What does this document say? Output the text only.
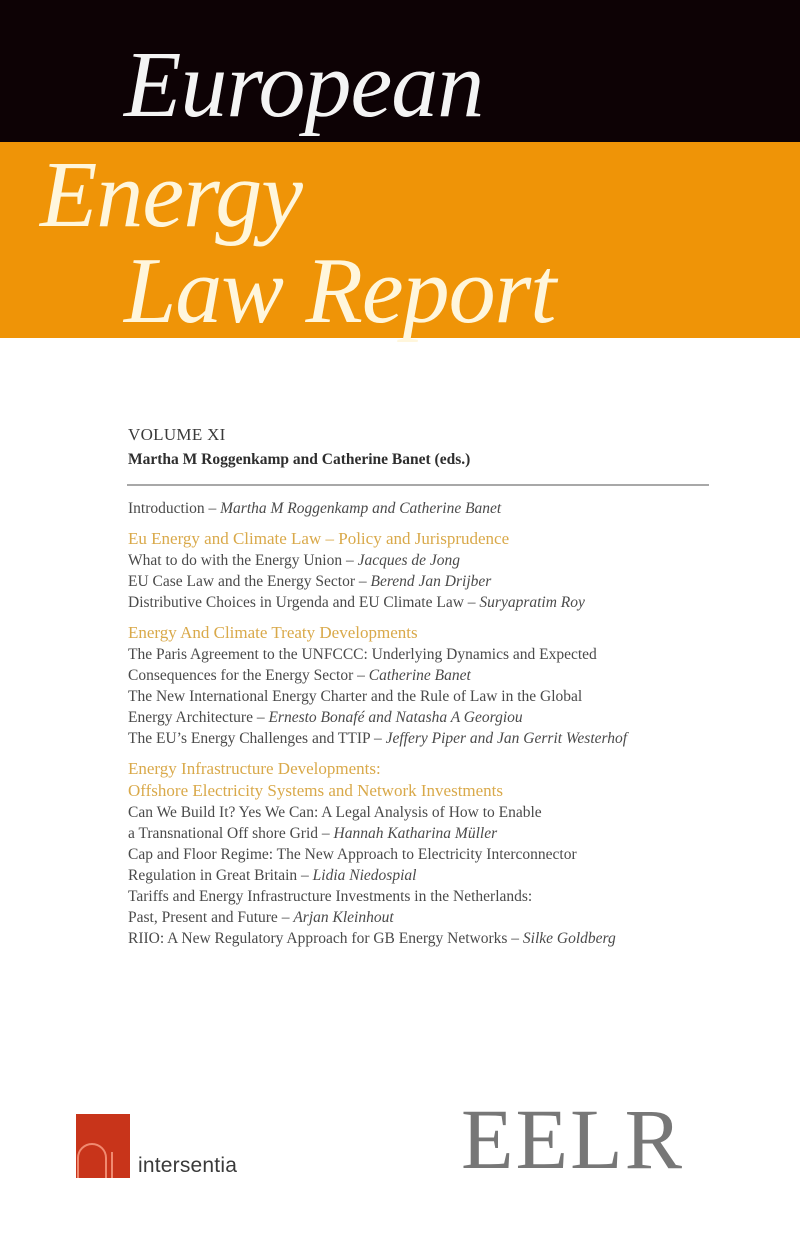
European
Energy
Law Report
VOLUME XI
Martha M Roggenkamp and Catherine Banet (eds.)
Introduction – Martha M Roggenkamp and Catherine Banet
Eu Energy and Climate Law – Policy and Jurisprudence
What to do with the Energy Union – Jacques de Jong
EU Case Law and the Energy Sector – Berend Jan Drijber
Distributive Choices in Urgenda and EU Climate Law – Suryapratim Roy
Energy And Climate Treaty Developments
The Paris Agreement to the UNFCCC: Underlying Dynamics and Expected
Consequences for the Energy Sector – Catherine Banet
The New International Energy Charter and the Rule of Law in the Global
Energy Architecture – Ernesto Bonafé and Natasha A Georgiou
The EU’s Energy Challenges and TTIP – Jeffery Piper and Jan Gerrit Westerhof
Energy Infrastructure Developments:
Offshore Electricity Systems and Network Investments
Can We Build It? Yes We Can: A Legal Analysis of How to Enable
a Transnational Off shore Grid – Hannah Katharina Müller
Cap and Floor Regime: The New Approach to Electricity Interconnector
Regulation in Great Britain – Lidia Niedospial
Tariffs and Energy Infrastructure Investments in the Netherlands:
Past, Present and Future – Arjan Kleinhout
RIIO: A New Regulatory Approach for GB Energy Networks – Silke Goldberg
intersentia	EELR
